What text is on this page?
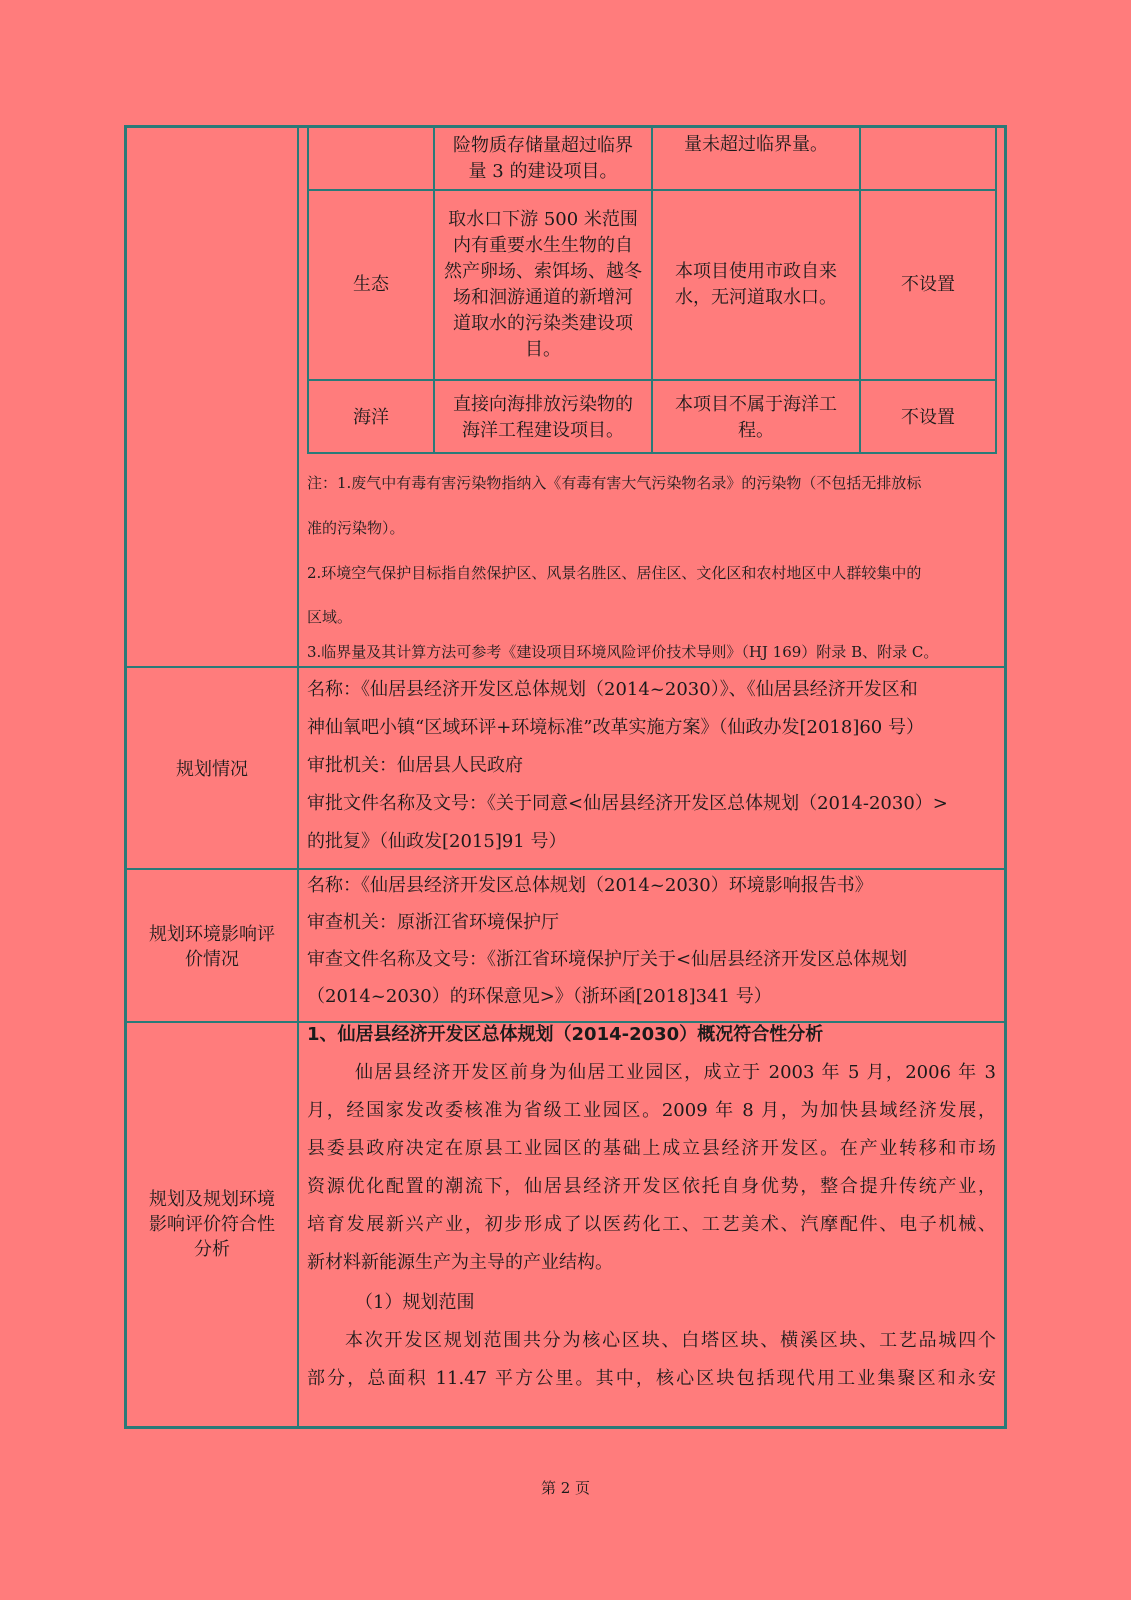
险物质存储量超过临界
量 3 的建设项目。
量未超过临界量。
生态
取水口下游 500 米范围
内有重要水生生物的自
然产卵场、索饵场、越冬
场和洄游通道的新增河
道取水的污染类建设项
目。
本项目使用市政自来
水，无河道取水口。
不设置
海洋
直接向海排放污染物的
海洋工程建设项目。
本项目不属于海洋工
程。
不设置
注：1.废气中有毒有害污染物指纳入《有毒有害大气污染物名录》的污染物（不包括无排放标
准的污染物）。
2.环境空气保护目标指自然保护区、风景名胜区、居住区、文化区和农村地区中人群较集中的
区域。
3.临界量及其计算方法可参考《建设项目环境风险评价技术导则》（HJ 169）附录 B、附录 C。
规划情况
名称：《仙居县经济开发区总体规划（2014~2030）》、《仙居县经济开发区和
神仙氧吧小镇“区域环评+环境标准”改革实施方案》（仙政办发[2018]60 号）
审批机关：仙居县人民政府
审批文件名称及文号：《关于同意<仙居县经济开发区总体规划（2014-2030）>
的批复》（仙政发[2015]91 号）
规划环境影响评
价情况
名称：《仙居县经济开发区总体规划（2014~2030）环境影响报告书》
审查机关：原浙江省环境保护厅
审查文件名称及文号：《浙江省环境保护厅关于<仙居县经济开发区总体规划
（2014~2030）的环保意见>》（浙环函[2018]341 号）
规划及规划环境
影响评价符合性
分析
1、仙居县经济开发区总体规划（2014-2030）概况符合性分析
仙居县经济开发区前身为仙居工业园区，成立于 2003 年 5 月，2006 年 3
月，经国家发改委核准为省级工业园区。2009 年 8 月，为加快县域经济发展，
县委县政府决定在原县工业园区的基础上成立县经济开发区。在产业转移和市场
资源优化配置的潮流下，仙居县经济开发区依托自身优势，整合提升传统产业，
培育发展新兴产业，初步形成了以医药化工、工艺美术、汽摩配件、电子机械、
新材料新能源生产为主导的产业结构。
（1）规划范围
本次开发区规划范围共分为核心区块、白塔区块、横溪区块、工艺品城四个
部分，总面积 11.47 平方公里。其中，核心区块包括现代用工业集聚区和永安
第 2 页
